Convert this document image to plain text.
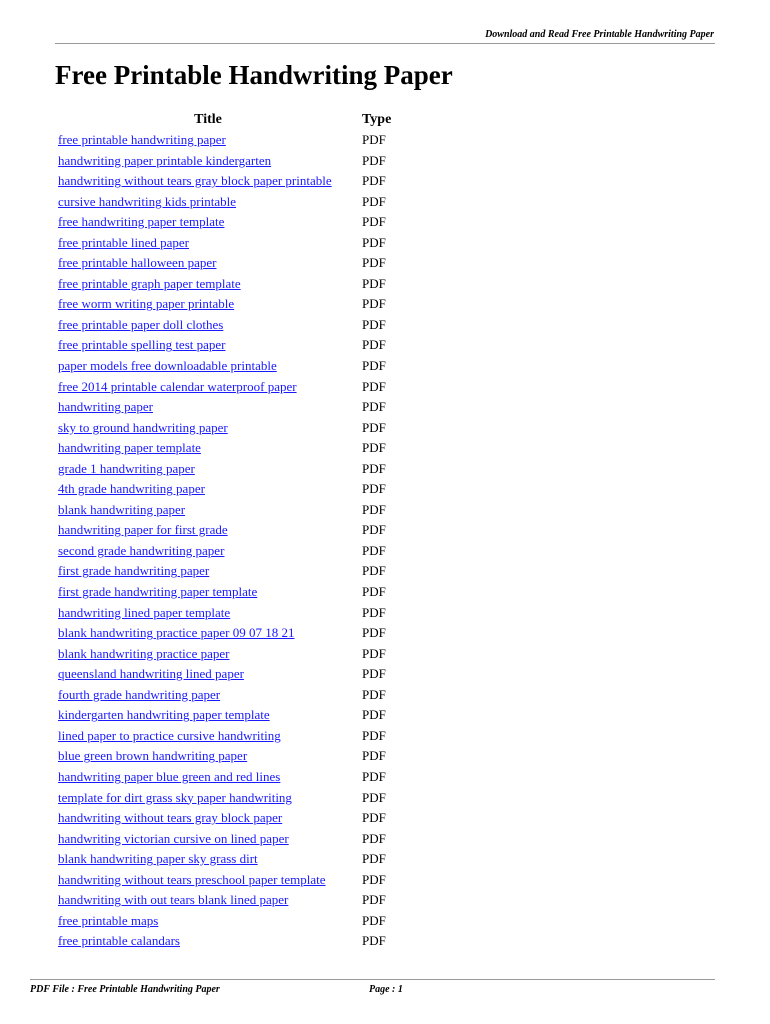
Download and Read Free Printable Handwriting Paper
Free Printable Handwriting Paper
Title	Type
free printable handwriting paper	PDF
handwriting paper printable kindergarten	PDF
handwriting without tears gray block paper printable PDF
cursive handwriting kids printable	PDF
free handwriting paper template	PDF
free printable lined paper	PDF
free printable halloween paper	PDF
free printable graph paper template	PDF
free worm writing paper printable	PDF
free printable paper doll clothes	PDF
free printable spelling test paper	PDF
paper models free downloadable printable	PDF
free 2014 printable calendar waterproof paper	PDF
handwriting paper	PDF
sky to ground handwriting paper	PDF
handwriting paper template	PDF
grade 1 handwriting paper	PDF
4th grade handwriting paper	PDF
blank handwriting paper	PDF
handwriting paper for first grade	PDF
second grade handwriting paper	PDF
first grade handwriting paper	PDF
first grade handwriting paper template	PDF
handwriting lined paper template	PDF
blank handwriting practice paper 09 07 18 21	PDF
blank handwriting practice paper	PDF
queensland handwriting lined paper	PDF
fourth grade handwriting paper	PDF
kindergarten handwriting paper template	PDF
lined paper to practice cursive handwriting	PDF
blue green brown handwriting paper	PDF
handwriting paper blue green and red lines	PDF
template for dirt grass sky paper handwriting	PDF
handwriting without tears gray block paper	PDF
handwriting victorian cursive on lined paper	PDF
blank handwriting paper sky grass dirt	PDF
handwriting without tears preschool paper template	PDF
handwriting with out tears blank lined paper	PDF
free printable maps	PDF
free printable calandars	PDF
PDF File : Free Printable Handwriting Paper	Page : 1
